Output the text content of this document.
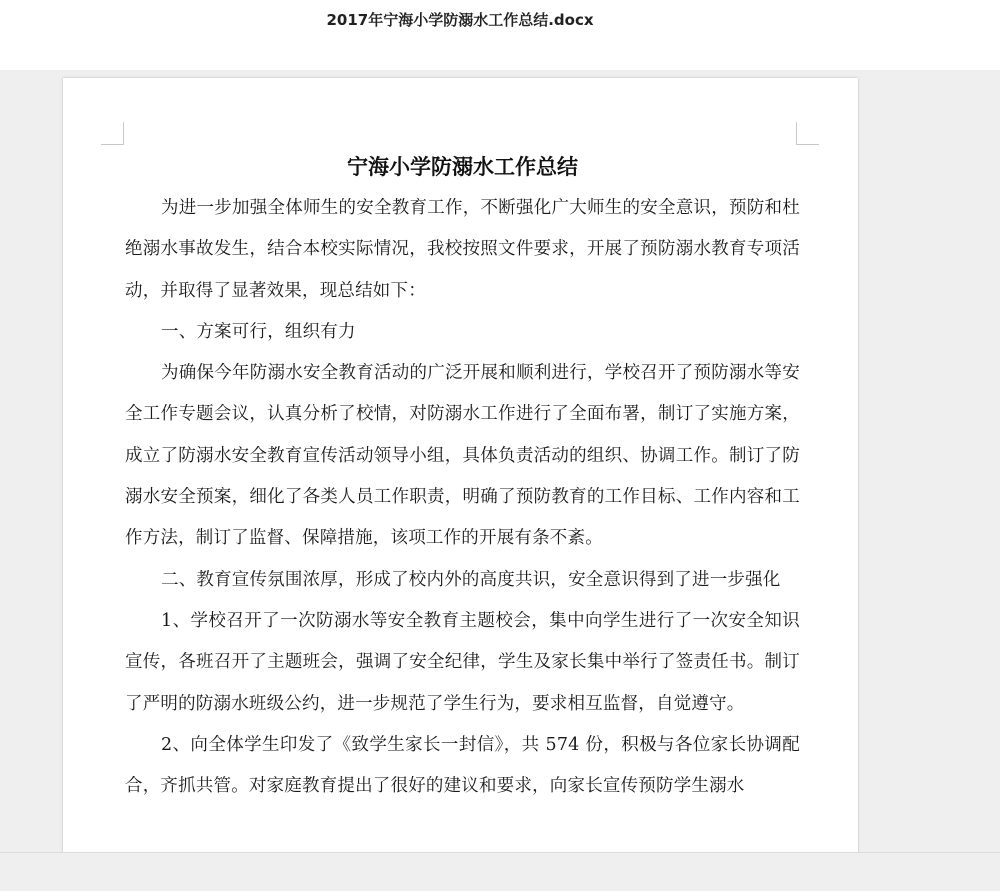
2017年宁海小学防溺水工作总结.docx
宁海小学防溺水工作总结

为进一步加强全体师生的安全教育工作，不断强化广大师生的安全意识，预防和杜绝溺水事故发生，结合本校实际情况，我校按照文件要求，开展了预防溺水教育专项活动，并取得了显著效果，现总结如下：

一、方案可行，组织有力

为确保今年防溺水安全教育活动的广泛开展和顺利进行，学校召开了预防溺水等安全工作专题会议，认真分析了校情，对防溺水工作进行了全面布署，制订了实施方案，成立了防溺水安全教育宣传活动领导小组，具体负责活动的组织、协调工作。制订了防溺水安全预案，细化了各类人员工作职责，明确了预防教育的工作目标、工作内容和工作方法，制订了监督、保障措施，该项工作的开展有条不紊。

二、教育宣传氛围浓厚，形成了校内外的高度共识，安全意识得到了进一步强化

1、学校召开了一次防溺水等安全教育主题校会，集中向学生进行了一次安全知识宣传，各班召开了主题班会，强调了安全纪律，学生及家长集中举行了签责任书。制订了严明的防溺水班级公约，进一步规范了学生行为，要求相互监督，自觉遵守。

2、向全体学生印发了《致学生家长一封信》，共 574 份，积极与各位家长协调配合，齐抓共管。对家庭教育提出了很好的建议和要求，向家长宣传预防学生溺水
